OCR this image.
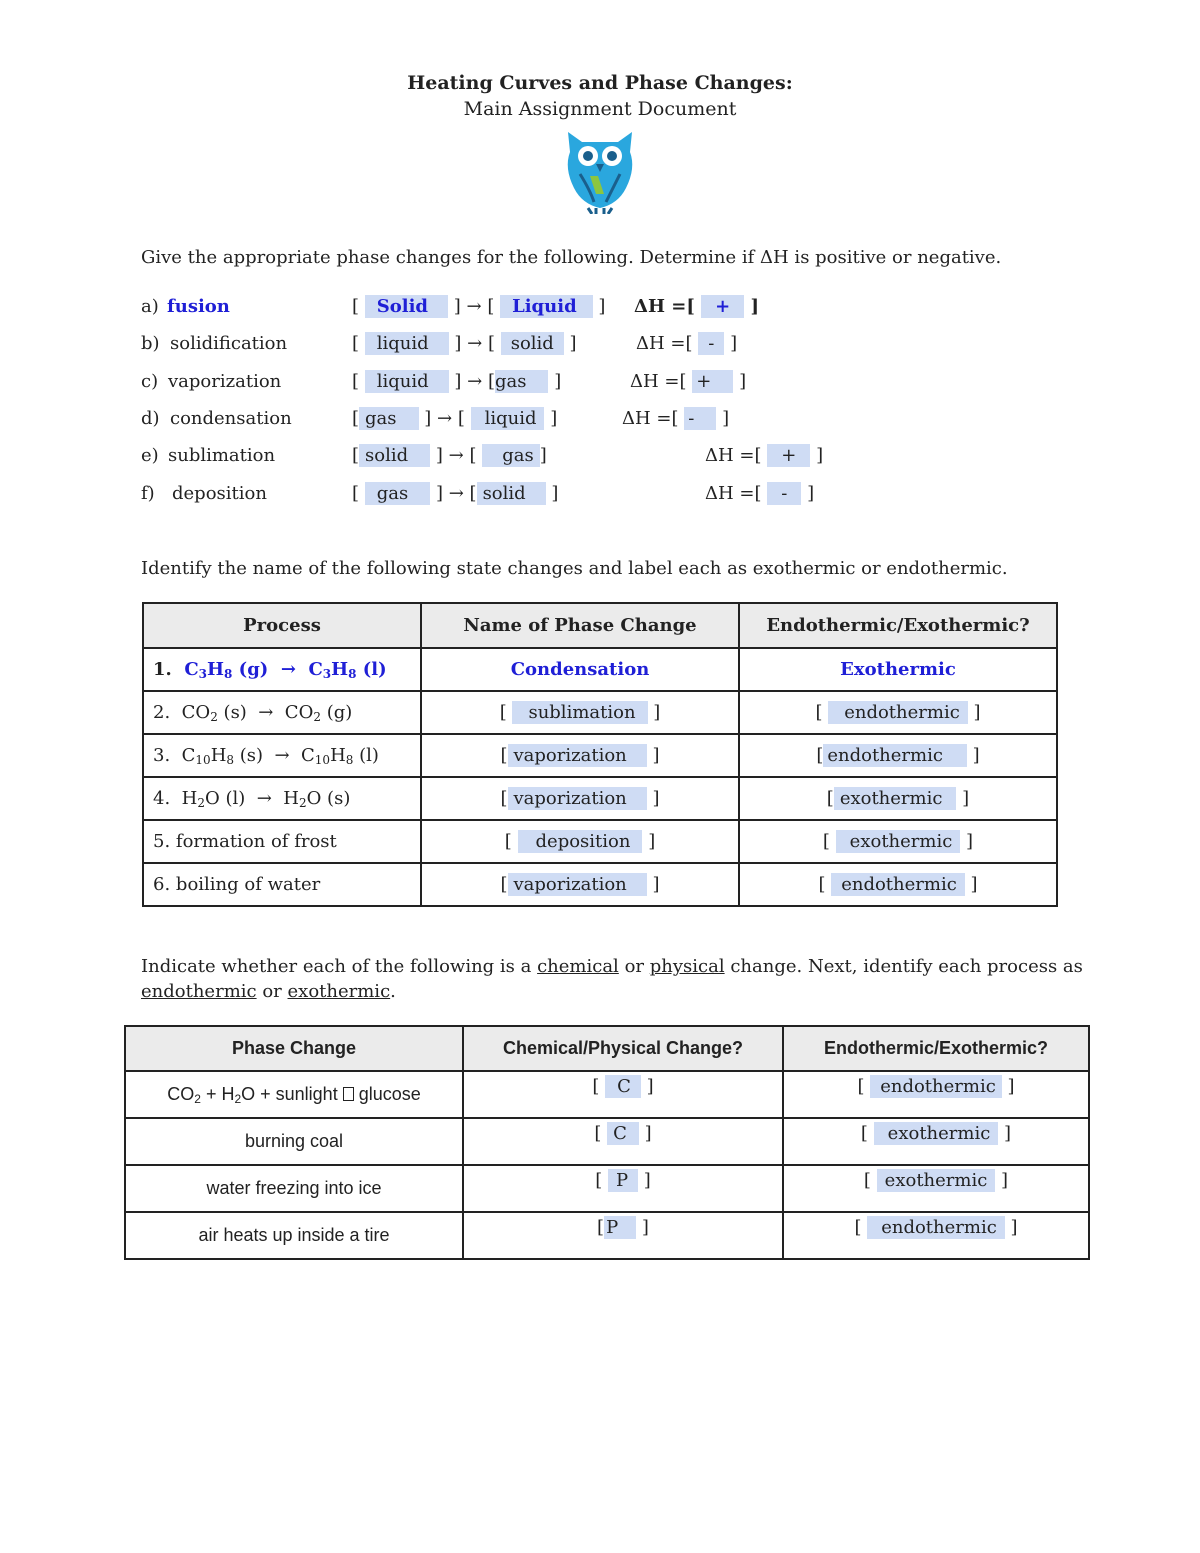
Heating Curves and Phase Changes:
Main Assignment Document
Give the appropriate phase changes for the following. Determine if ΔH is positive or negative.
a) fusion	[ Solid ] → [ Liquid ] ΔH =[ + ]
b) solidification	[ liquid ] → [ solid ]	ΔH =[ - ]
c) vaporization	[ liquid ] → [gas ]	ΔH =[ + ]
d) condensation	[ gas ] → [ liquid ]	ΔH =[ - ]
e) sublimation	[ solid ] → [ gas ]	ΔH =[ + ]
f) deposition	[ gas ] → [ solid ]	ΔH =[ - ]
Identify the name of the following state changes and label each as exothermic or endothermic.
Process	Name of Phase Change	Endothermic/Exothermic?
1.  $C_3H_8$ $(g) \to C_3H_8$ (l)	Condensation	Exothermic
2.  $CO_2$ $(s) \to CO_2$ (g)	[ sublimation ]	[ endothermic ]
3.  $C_{10}H_8$ $(s) \to C_{10}H_8$ (l)	[ vaporization ]	[ endothermic ]
4.  $H_2O$ $(l) \to H_2O$ (s)	[ vaporization ]	[ exothermic ]
5. formation of frost	[ deposition ]	[ exothermic ]
6. boiling of water	[ vaporization ]	[ endothermic ]
Indicate whether each of the following is a chemical or physical change. Next, identify each process as
endothermic or exothermic.
Phase Change	Chemical/Physical Change?	Endothermic/Exothermic?
$CO_2 + H_2O$ + sunlight  glucose	[ C ]	[ endothermic ]
burning coal	[ C ]	[ exothermic ]
water freezing into ice	[ P ]	[ exothermic ]
air heats up inside a tire	[ P ]	[ endothermic ]
